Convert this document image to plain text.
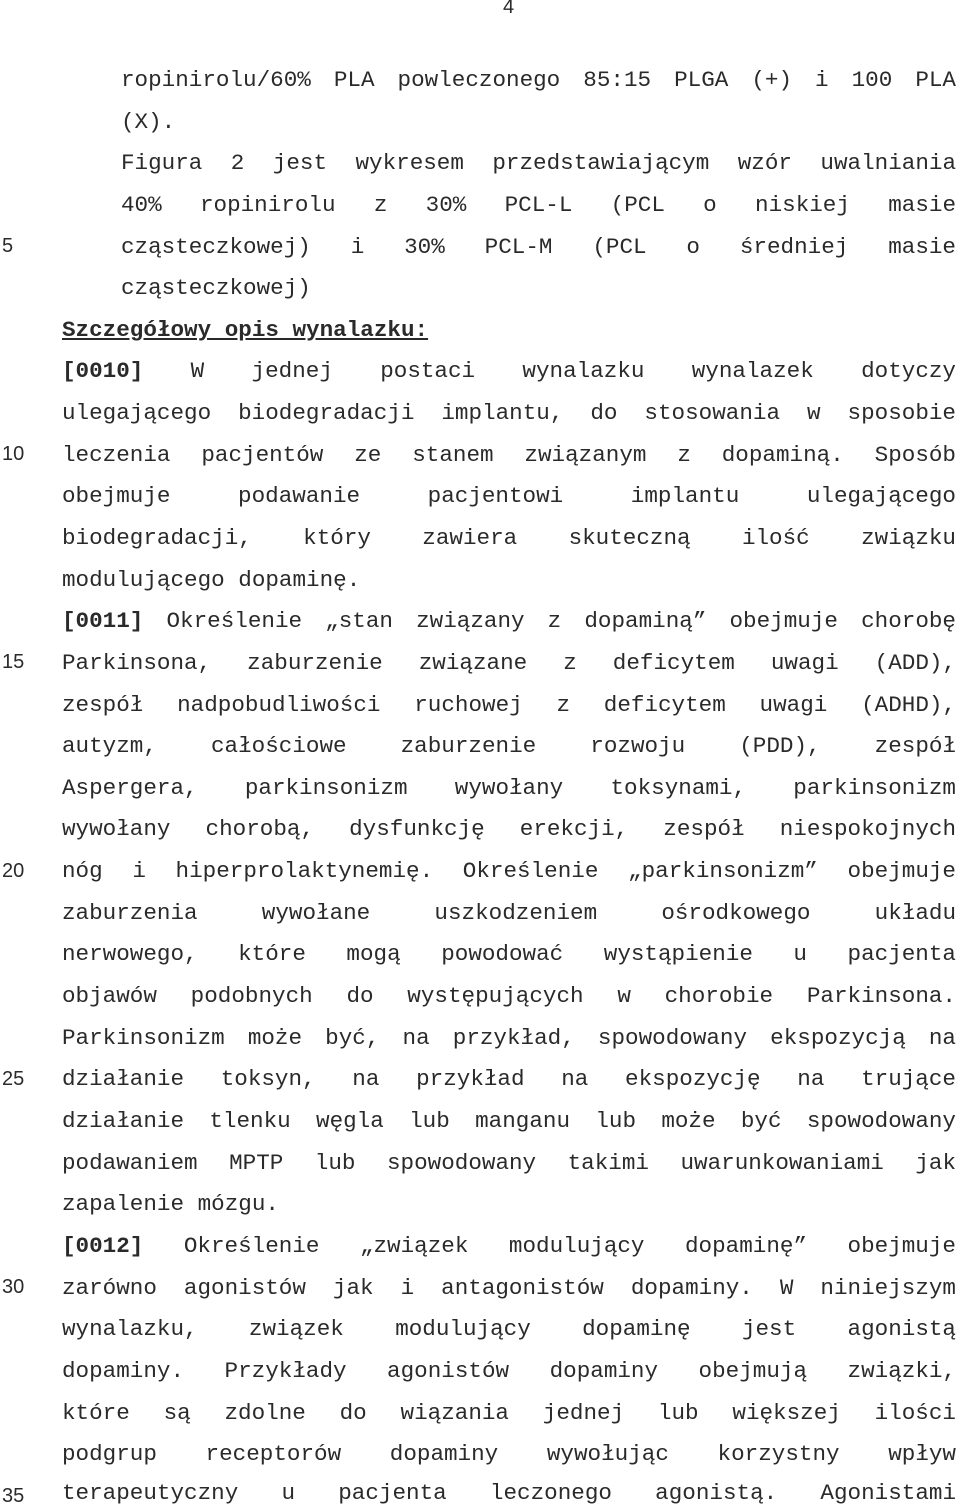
4
5
10
15
20
25
30
35
ropinirolu/60% PLA powleczonego 85:15 PLGA (+) i 100 PLA
(X).
Figura 2 jest wykresem przedstawiającym wzór uwalniania
40% ropinirolu z 30% PCL-L (PCL o niskiej masie
cząsteczkowej) i 30% PCL-M (PCL o średniej masie
cząsteczkowej)
Szczegółowy opis wynalazku:
[0010] W jednej postaci wynalazku wynalazek dotyczy
ulegającego biodegradacji implantu, do stosowania w sposobie
leczenia pacjentów ze stanem związanym z dopaminą. Sposób
obejmuje podawanie pacjentowi implantu ulegającego
biodegradacji, który zawiera skuteczną ilość związku
modulującego dopaminę.
[0011] Określenie „stan związany z dopaminą” obejmuje chorobę
Parkinsona, zaburzenie związane z deficytem uwagi (ADD),
zespół nadpobudliwości ruchowej z deficytem uwagi (ADHD),
autyzm, całościowe zaburzenie rozwoju (PDD), zespół
Aspergera, parkinsonizm wywołany toksynami, parkinsonizm
wywołany chorobą, dysfunkcję erekcji, zespół niespokojnych
nóg i hiperprolaktynemię. Określenie „parkinsonizm” obejmuje
zaburzenia wywołane uszkodzeniem ośrodkowego układu
nerwowego, które mogą powodować wystąpienie u pacjenta
objawów podobnych do występujących w chorobie Parkinsona.
Parkinsonizm może być, na przykład, spowodowany ekspozycją na
działanie toksyn, na przykład na ekspozycję na trujące
działanie tlenku węgla lub manganu lub może być spowodowany
podawaniem MPTP lub spowodowany takimi uwarunkowaniami jak
zapalenie mózgu.
[0012] Określenie „związek modulujący dopaminę” obejmuje
zarówno agonistów jak i antagonistów dopaminy. W niniejszym
wynalazku, związek modulujący dopaminę jest agonistą
dopaminy. Przykłady agonistów dopaminy obejmują związki,
które są zdolne do wiązania jednej lub większej ilości
podgrup receptorów dopaminy wywołując korzystny wpływ
terapeutyczny u pacjenta leczonego agonistą. Agonistami
